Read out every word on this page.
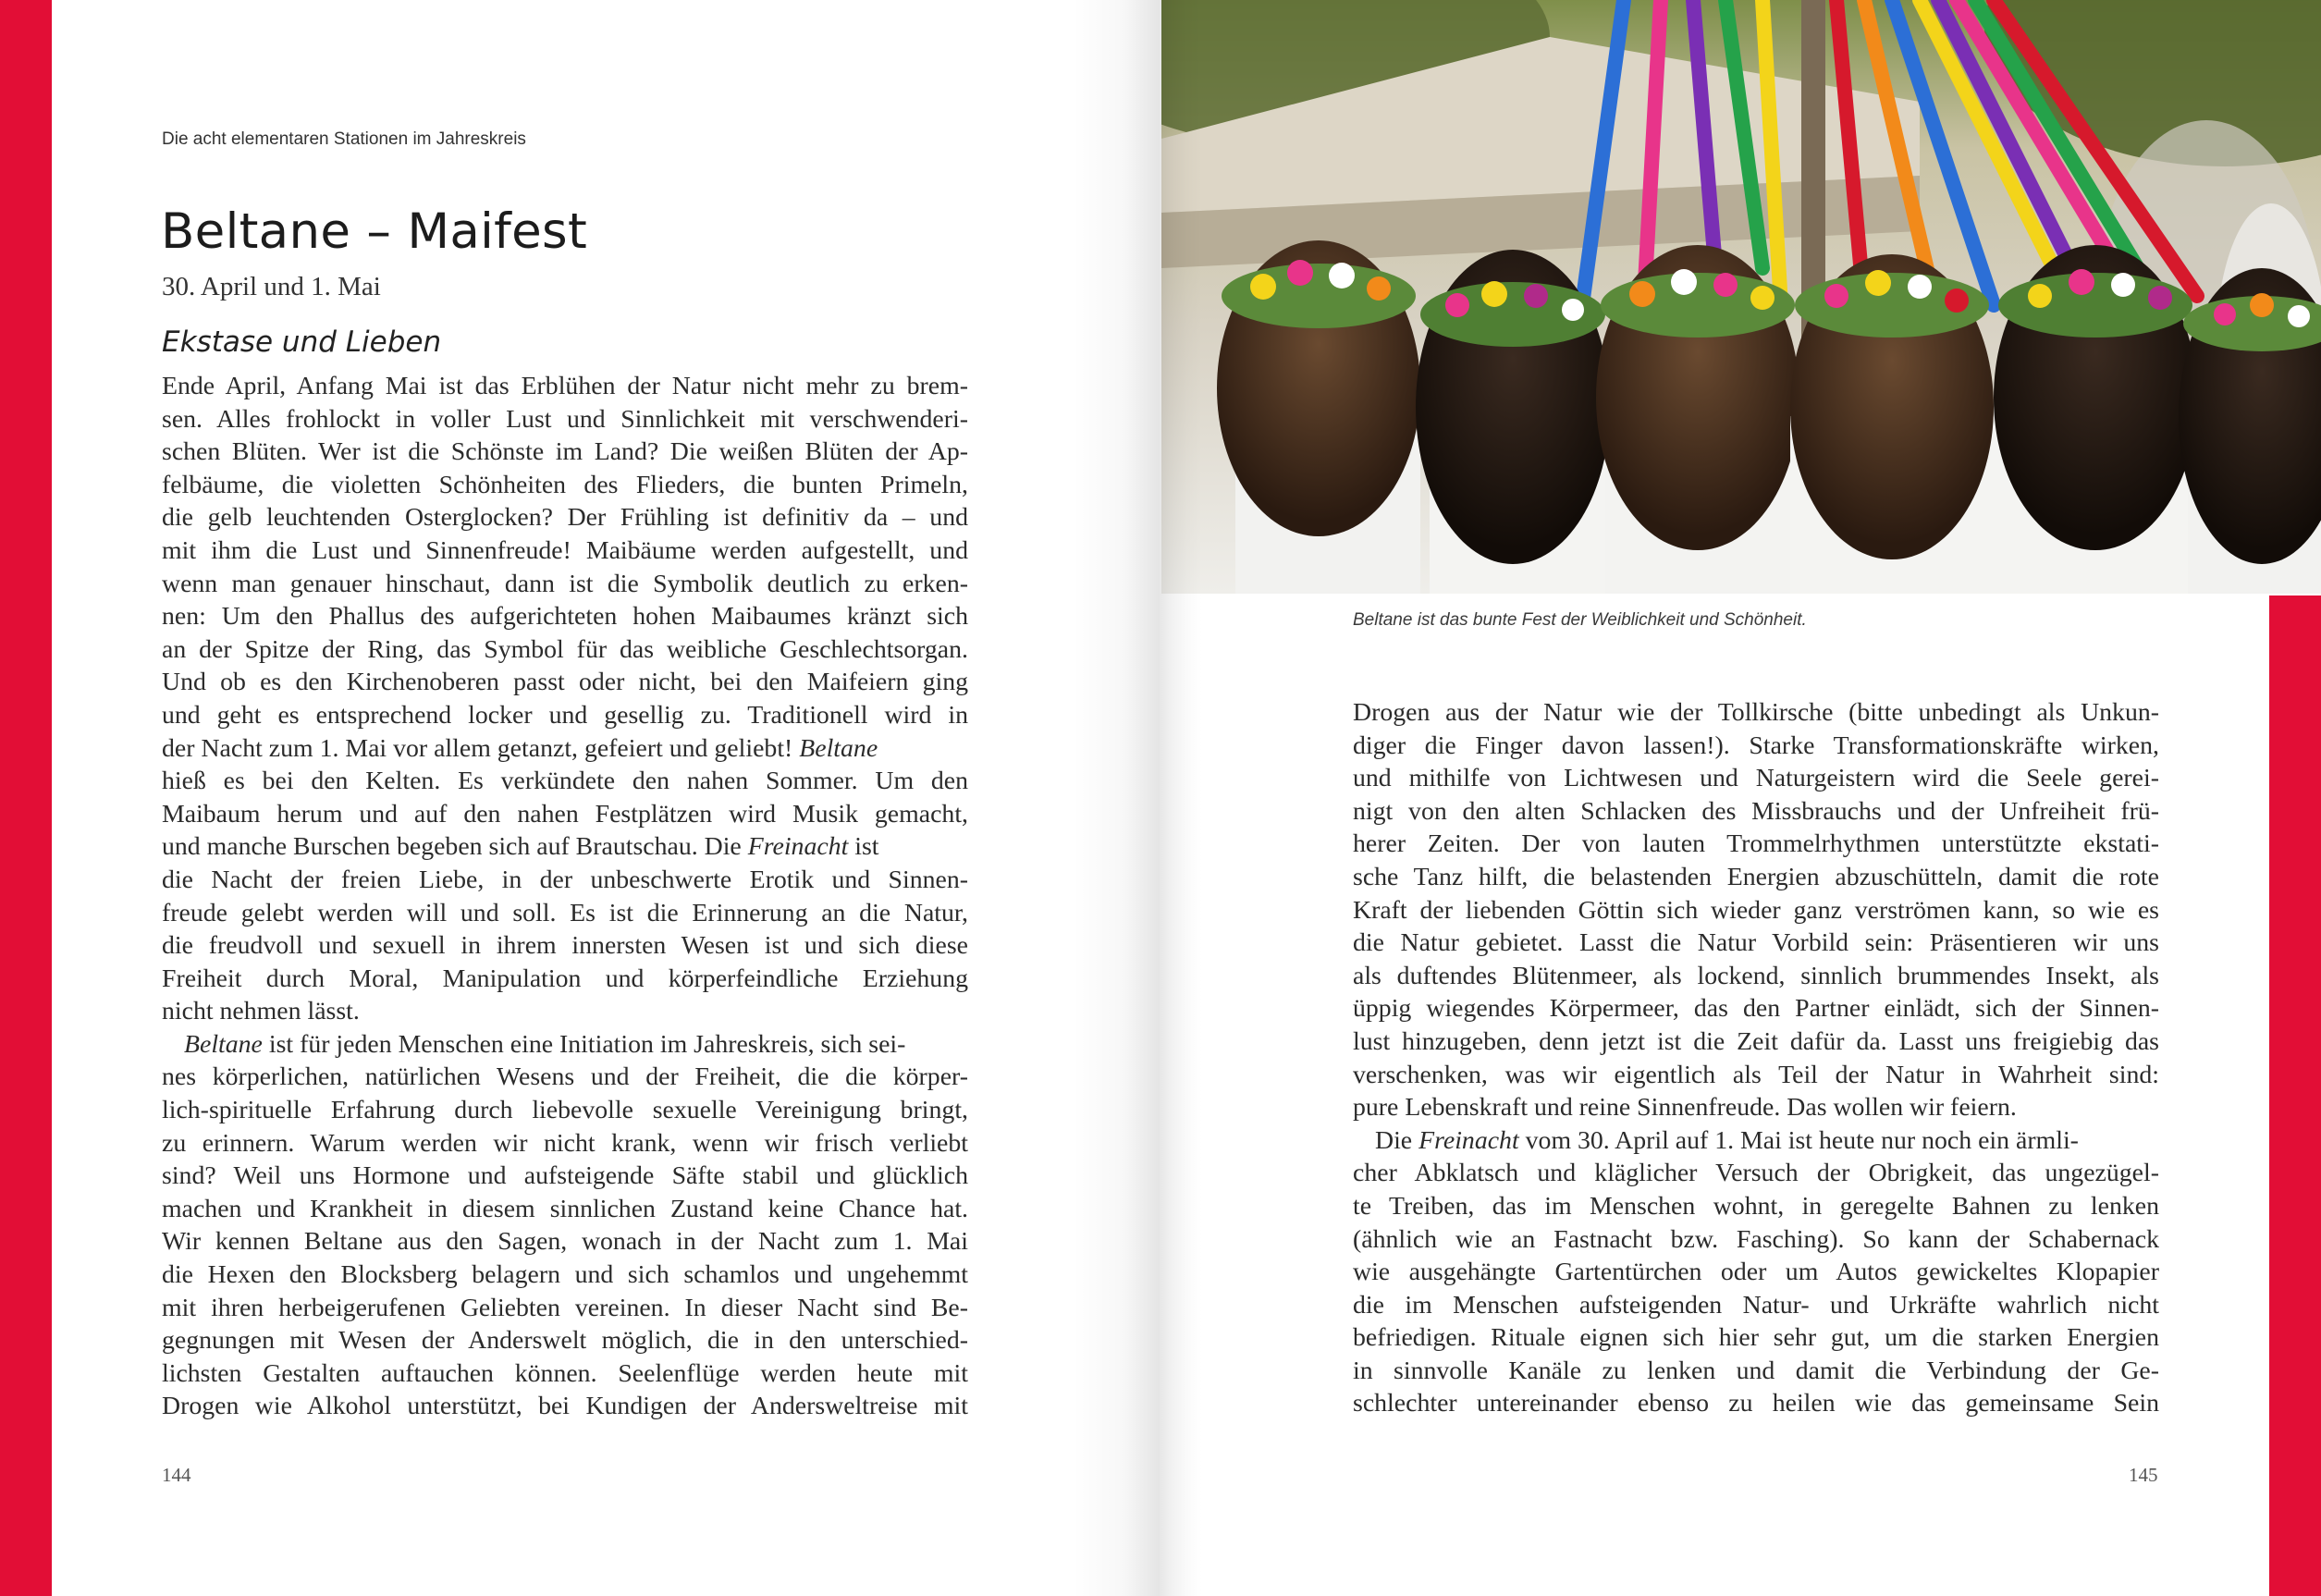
Die acht elementaren Stationen im Jahreskreis
Beltane – Maifest
30. April und 1. Mai
Ekstase und Lieben
Ende April, Anfang Mai ist das Erblühen der Natur nicht mehr zu brem-
sen. Alles frohlockt in voller Lust und Sinnlichkeit mit verschwenderi-
schen Blüten. Wer ist die Schönste im Land? Die weißen Blüten der Ap-
felbäume, die violetten Schönheiten des Flieders, die bunten Primeln,
die gelb leuchtenden Osterglocken? Der Frühling ist definitiv da – und
mit ihm die Lust und Sinnenfreude! Maibäume werden aufgestellt, und
wenn man genauer hinschaut, dann ist die Symbolik deutlich zu erken-
nen: Um den Phallus des aufgerichteten hohen Maibaumes kränzt sich
an der Spitze der Ring, das Symbol für das weibliche Geschlechtsorgan.
Und ob es den Kirchenoberen passt oder nicht, bei den Maifeiern ging
und geht es entsprechend locker und gesellig zu. Traditionell wird in
der Nacht zum 1. Mai vor allem getanzt, gefeiert und geliebt! Beltane
hieß es bei den Kelten. Es verkündete den nahen Sommer. Um den
Maibaum herum und auf den nahen Festplätzen wird Musik gemacht,
und manche Burschen begeben sich auf Brautschau. Die Freinacht ist
die Nacht der freien Liebe, in der unbeschwerte Erotik und Sinnen-
freude gelebt werden will und soll. Es ist die Erinnerung an die Natur,
die freudvoll und sexuell in ihrem innersten Wesen ist und sich diese
Freiheit durch Moral, Manipulation und körperfeindliche Erziehung
nicht nehmen lässt.
Beltane ist für jeden Menschen eine Initiation im Jahreskreis, sich sei-
nes körperlichen, natürlichen Wesens und der Freiheit, die die körper-
lich-spirituelle Erfahrung durch liebevolle sexuelle Vereinigung bringt,
zu erinnern. Warum werden wir nicht krank, wenn wir frisch verliebt
sind? Weil uns Hormone und aufsteigende Säfte stabil und glücklich
machen und Krankheit in diesem sinnlichen Zustand keine Chance hat.
Wir kennen Beltane aus den Sagen, wonach in der Nacht zum 1. Mai
die Hexen den Blocksberg belagern und sich schamlos und ungehemmt
mit ihren herbeigerufenen Geliebten vereinen. In dieser Nacht sind Be-
gegnungen mit Wesen der Anderswelt möglich, die in den unterschied-
lichsten Gestalten auftauchen können. Seelenflüge werden heute mit
Drogen wie Alkohol unterstützt, bei Kundigen der Andersweltreise mit
144
Beltane ist das bunte Fest der Weiblichkeit und Schönheit.
Drogen aus der Natur wie der Tollkirsche (bitte unbedingt als Unkun-
diger die Finger davon lassen!). Starke Transformationskräfte wirken,
und mithilfe von Lichtwesen und Naturgeistern wird die Seele gerei-
nigt von den alten Schlacken des Missbrauchs und der Unfreiheit frü-
herer Zeiten. Der von lauten Trommelrhythmen unterstützte ekstati-
sche Tanz hilft, die belastenden Energien abzuschütteln, damit die rote
Kraft der liebenden Göttin sich wieder ganz verströmen kann, so wie es
die Natur gebietet. Lasst die Natur Vorbild sein: Präsentieren wir uns
als duftendes Blütenmeer, als lockend, sinnlich brummendes Insekt, als
üppig wiegendes Körpermeer, das den Partner einlädt, sich der Sinnen-
lust hinzugeben, denn jetzt ist die Zeit dafür da. Lasst uns freigiebig das
verschenken, was wir eigentlich als Teil der Natur in Wahrheit sind:
pure Lebenskraft und reine Sinnenfreude. Das wollen wir feiern.
Die Freinacht vom 30. April auf 1. Mai ist heute nur noch ein ärmli-
cher Abklatsch und kläglicher Versuch der Obrigkeit, das ungezügel-
te Treiben, das im Menschen wohnt, in geregelte Bahnen zu lenken
(ähnlich wie an Fastnacht bzw. Fasching). So kann der Schabernack
wie ausgehängte Gartentürchen oder um Autos gewickeltes Klopapier
die im Menschen aufsteigenden Natur- und Urkräfte wahrlich nicht
befriedigen. Rituale eignen sich hier sehr gut, um die starken Energien
in sinnvolle Kanäle zu lenken und damit die Verbindung der Ge-
schlechter untereinander ebenso zu heilen wie das gemeinsame Sein
145
